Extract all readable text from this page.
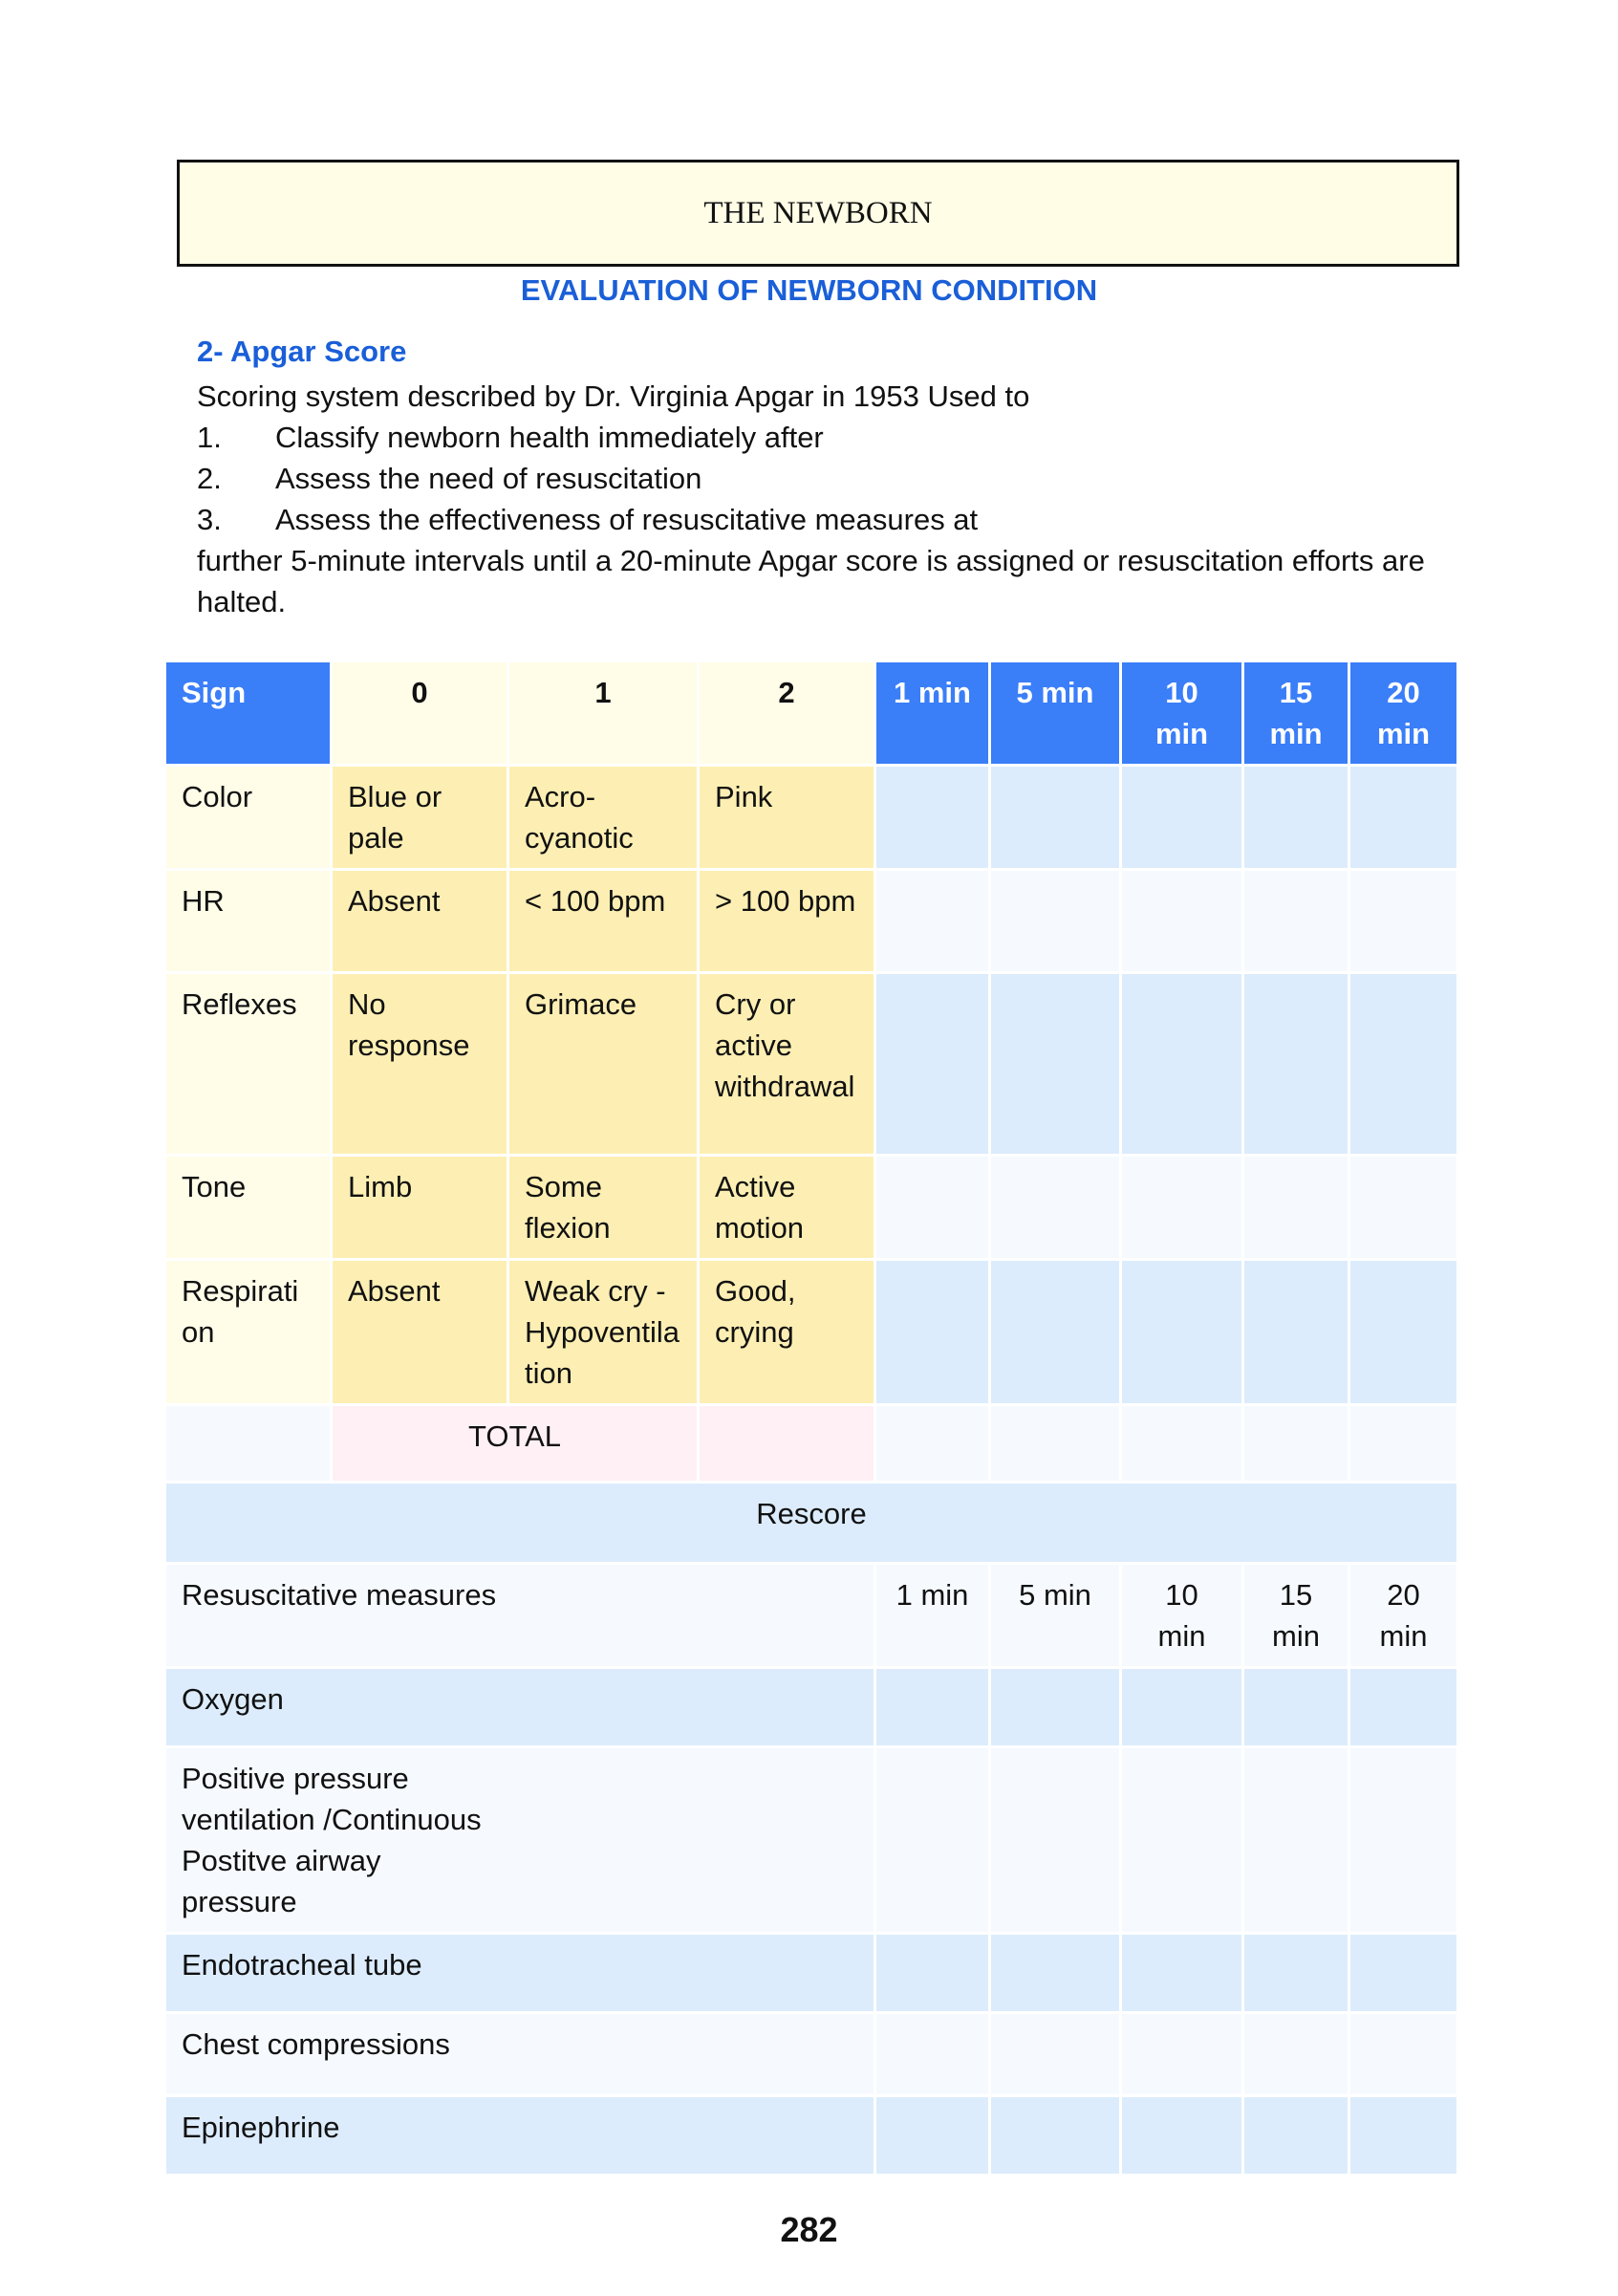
THE NEWBORN
EVALUATION OF NEWBORN CONDITION
2- Apgar Score
Scoring system described by Dr. Virginia Apgar in 1953 Used to
1.	Classify newborn health immediately after
2.	Assess the need of resuscitation
3.	Assess the effectiveness of resuscitative measures at
further 5-minute intervals until a 20-minute Apgar score is assigned or resuscitation efforts are halted.
Sign	0	1	2	1 min	5 min	10 min	15 min	20 min
Color	Blue or pale	Acro-cyanotic	Pink					
HR	Absent	< 100 bpm	> 100 bpm					
Reflexes	No response	Grimace	Cry or active withdrawal					
Tone	Limb	Some flexion	Active motion					
Respiration	Absent	Weak cry - Hypoventilation	Good, crying					
	TOTAL							
Rescore								
Resuscitative measures				1 min	5 min	10 min	15 min	20 min
Oxygen								
Positive pressure ventilation /Continuous Postitve airway pressure								
Endotracheal tube								
Chest compressions								
Epinephrine								
282
